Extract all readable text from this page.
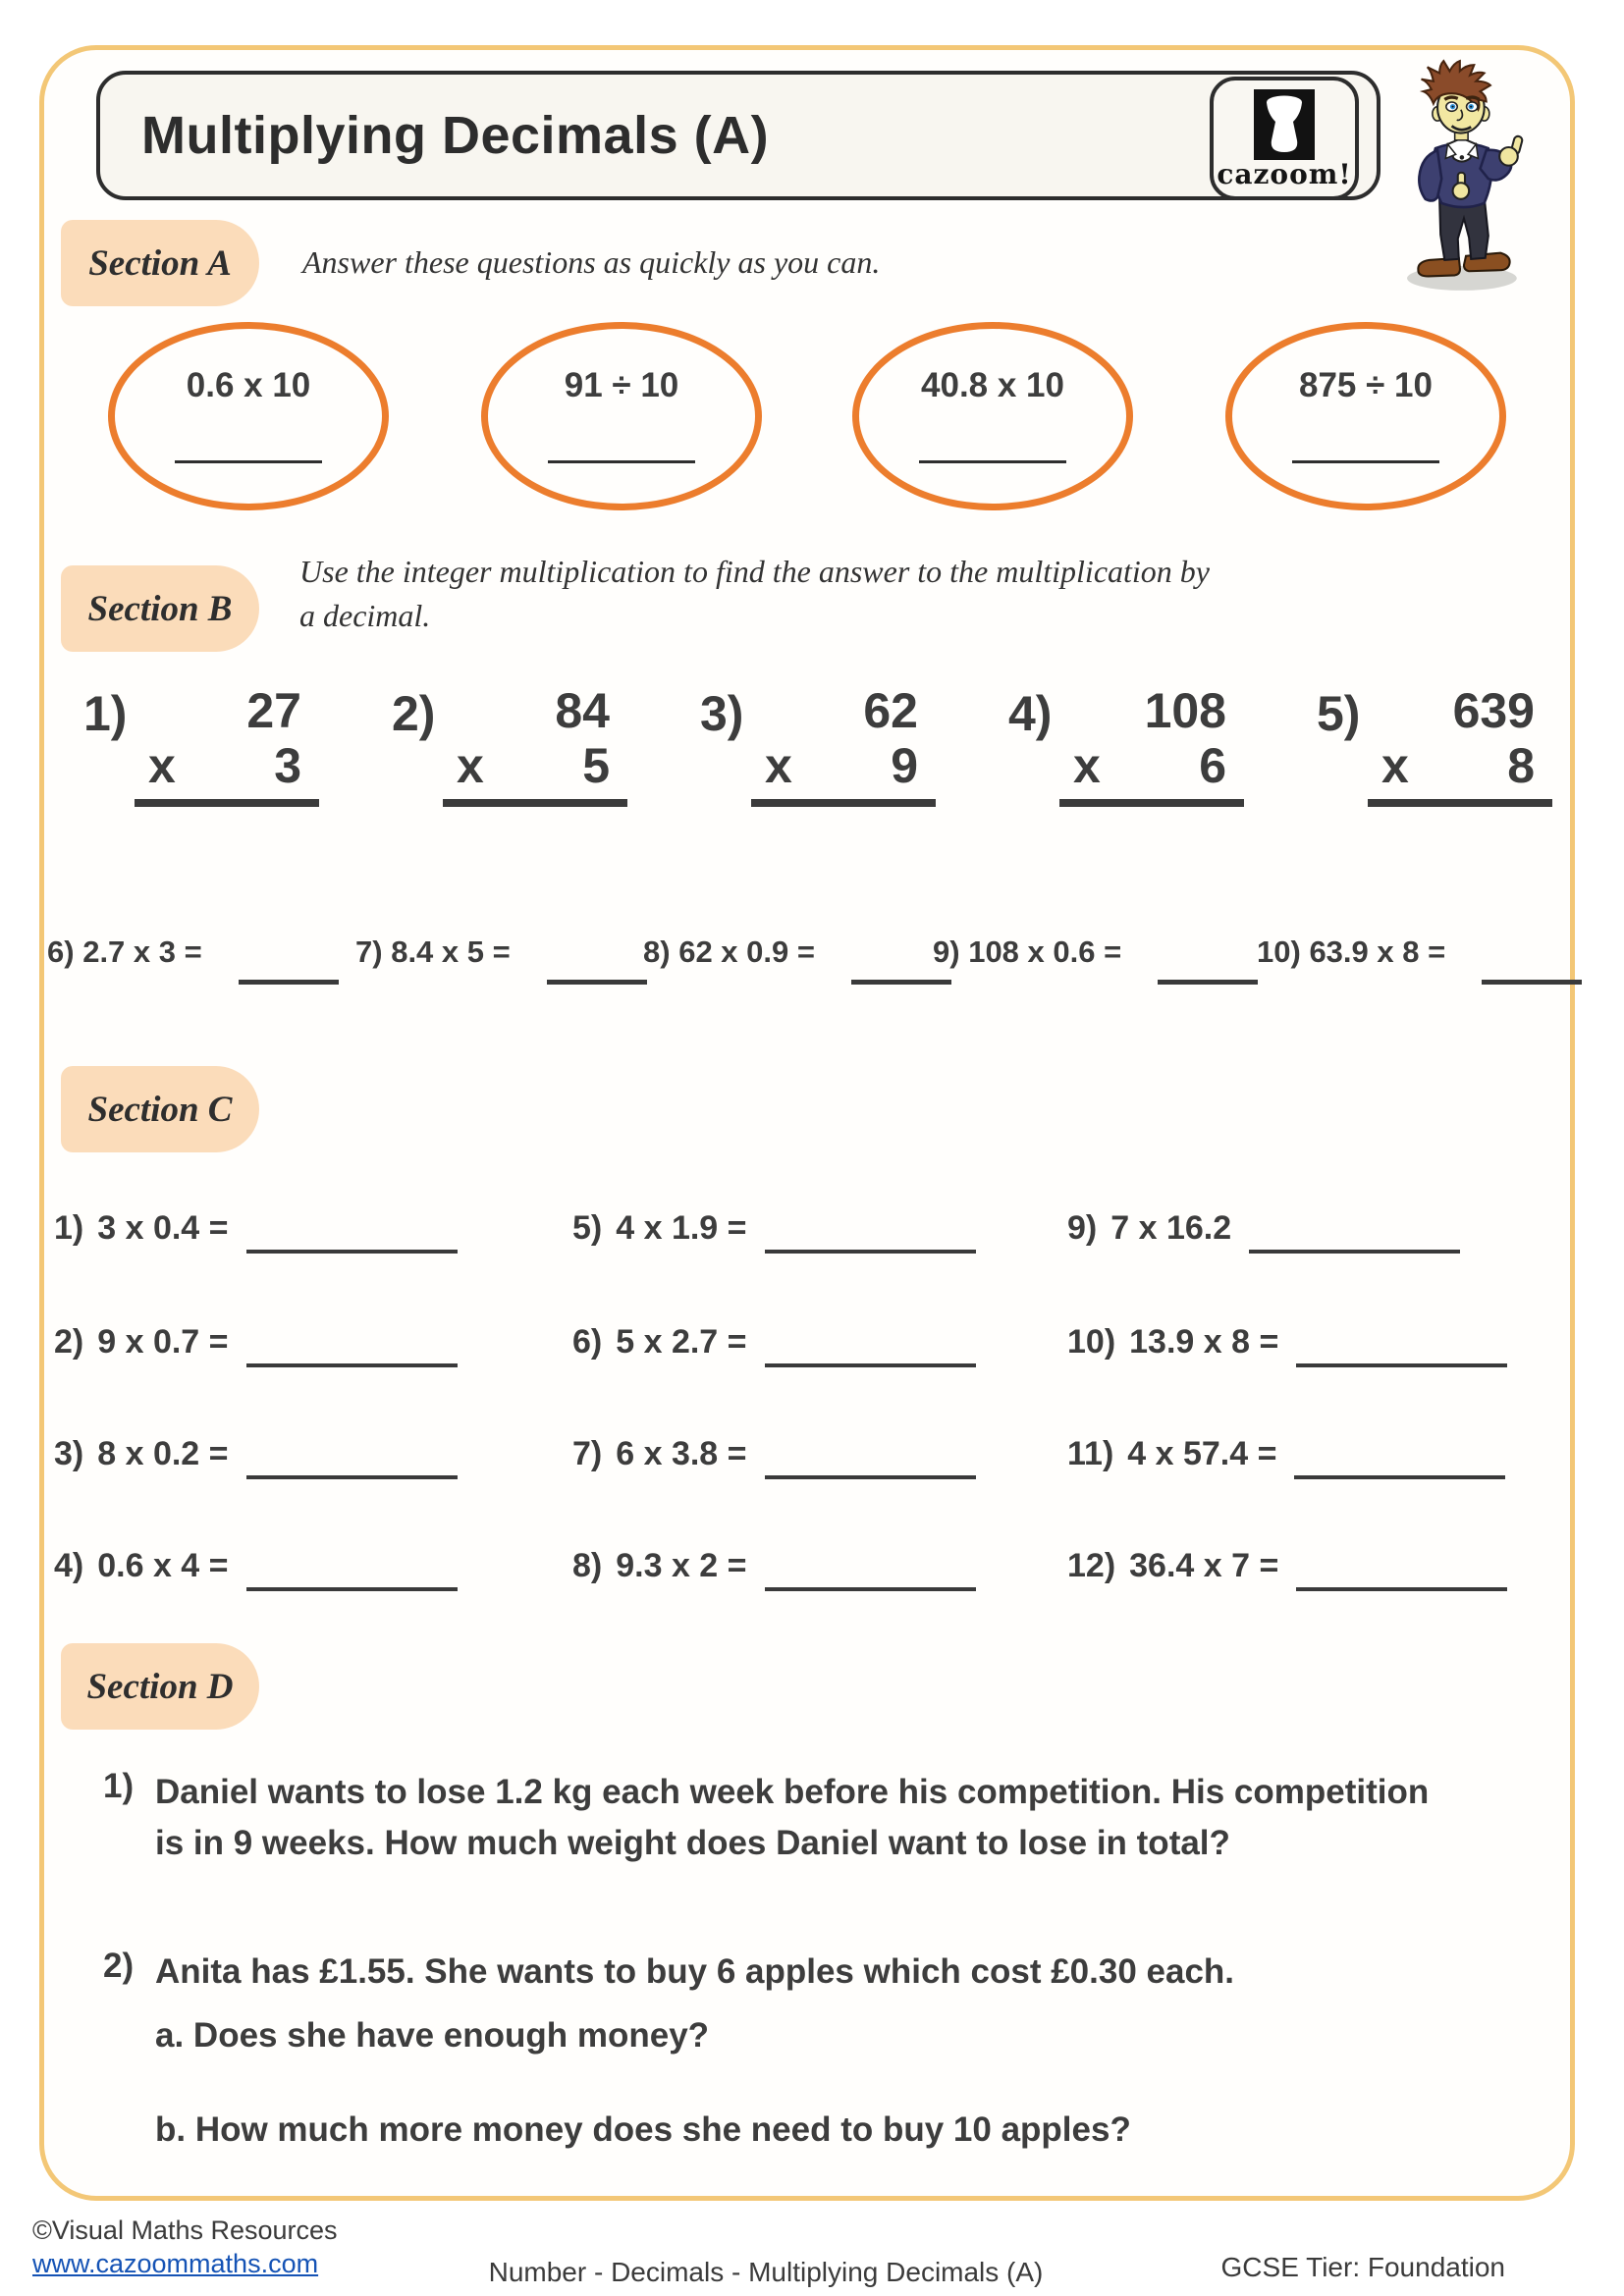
Multiplying Decimals (A)
cazoom!
Section A Answer these questions as quickly as you can.
0.6 x 10	91 ÷ 10	40.8 x 10	875 ÷ 10
Section B
Use the integer multiplication to find the answer to the multiplication by
a decimal.
1)	27
x 3
2)	84
x 5
3)	62
x 9
4)	108
x 6
5)	639
x 8
6) 2.7 x 3 =	7) 8.4 x 5 =	8) 62 x 0.9 =	9) 108 x 0.6 =	10) 63.9 x 8 =
Section C
1) 3 x 0.4 =	5) 4 x 1.9 =	9) 7 x 16.2
2) 9 x 0.7 =	6) 5 x 2.7 =	10) 13.9 x 8 =
3) 8 x 0.2 =	7) 6 x 3.8 =	11) 4 x 57.4 =
4) 0.6 x 4 =	8) 9.3 x 2 =	12) 36.4 x 7 =
Section D
1) Daniel wants to lose 1.2 kg each week before his competition. His competition
is in 9 weeks. How much weight does Daniel want to lose in total?
2) Anita has £1.55. She wants to buy 6 apples which cost £0.30 each.
a. Does she have enough money?
b. How much more money does she need to buy 10 apples?
©Visual Maths Resources
www.cazoommaths.com	Number - Decimals - Multiplying Decimals (A)	GCSE Tier: Foundation
